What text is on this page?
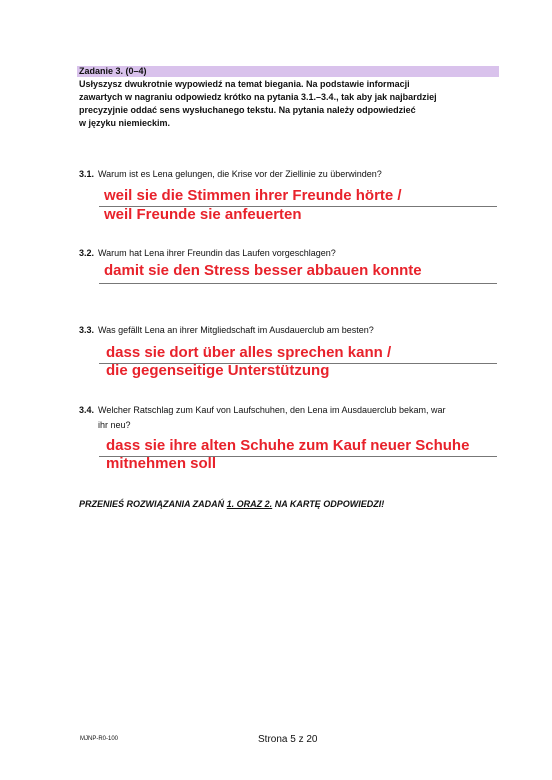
Zadanie 3. (0–4)
Usłyszysz dwukrotnie wypowiedź na temat biegania. Na podstawie informacji
zawartych w nagraniu odpowiedz krótko na pytania 3.1.–3.4., tak aby jak najbardziej
precyzyjnie oddać sens wysłuchanego tekstu. Na pytania należy odpowiedzieć
w języku niemieckim.
3.1. Warum ist es Lena gelungen, die Krise vor der Ziellinie zu überwinden?
weil sie die Stimmen ihrer Freunde hörte /
weil Freunde sie anfeuerten
3.2. Warum hat Lena ihrer Freundin das Laufen vorgeschlagen?
damit sie den Stress besser abbauen konnte
3.3. Was gefällt Lena an ihrer Mitgliedschaft im Ausdauerclub am besten?
dass sie dort über alles sprechen kann /
die gegenseitige Unterstützung
3.4. Welcher Ratschlag zum Kauf von Laufschuhen, den Lena im Ausdauerclub bekam, war
ihr neu?
dass sie ihre alten Schuhe zum Kauf neuer Schuhe
mitnehmen soll
PRZENIEŚ ROZWIĄZANIA ZADAŃ 1. ORAZ 2. NA KARTĘ ODPOWIEDZI!
MJNP-R0-100	Strona 5 z 20
